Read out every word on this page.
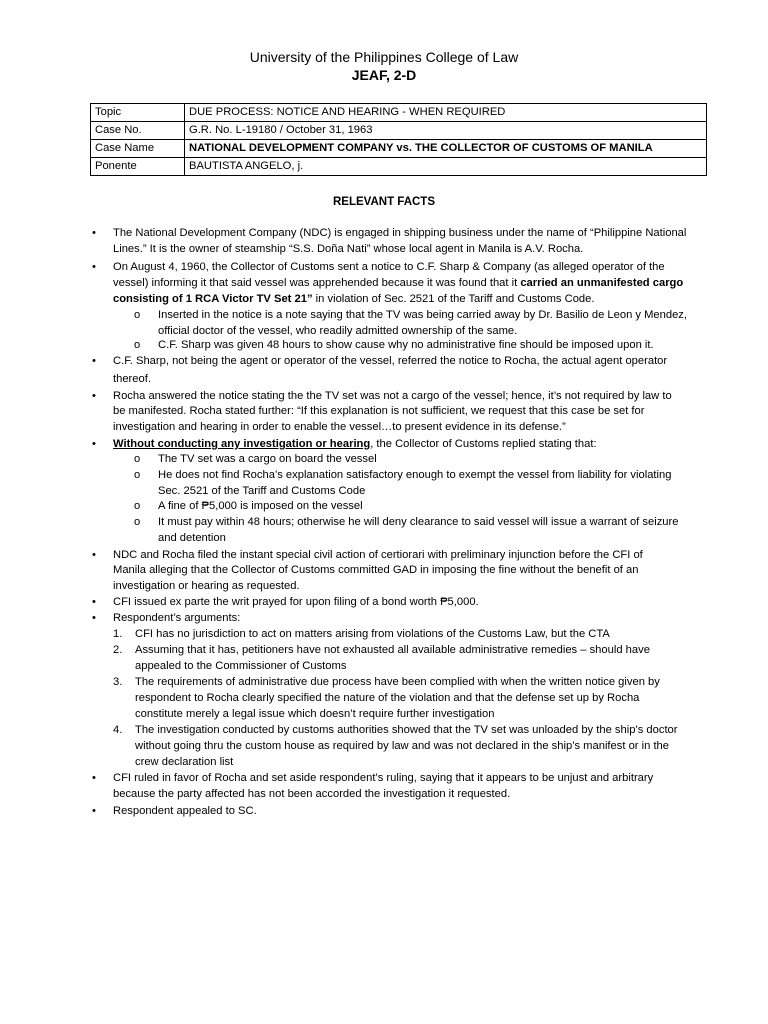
University of the Philippines College of Law
JEAF, 2-D
Topic	DUE PROCESS: NOTICE AND HEARING - WHEN REQUIRED
Case No.	G.R. No. L-19180 / October 31, 1963
Case Name	NATIONAL DEVELOPMENT COMPANY vs. THE COLLECTOR OF CUSTOMS OF MANILA
Ponente	BAUTISTA ANGELO, j.
RELEVANT FACTS
•	The National Development Company (NDC) is engaged in shipping business under the name of “Philippine National
Lines.” It is the owner of steamship “S.S. Doña Nati” whose local agent in Manila is A.V. Rocha.
•	On August 4, 1960, the Collector of Customs sent a notice to C.F. Sharp & Company (as alleged operator of the
vessel) informing it that said vessel was apprehended because it was found that it carried an unmanifested cargo
consisting of 1 RCA Victor TV Set 21” in violation of Sec. 2521 of the Tariff and Customs Code.
o	Inserted in the notice is a note saying that the TV was being carried away by Dr. Basilio de Leon y Mendez,
official doctor of the vessel, who readily admitted ownership of the same.
o	C.F. Sharp was given 48 hours to show cause why no administrative fine should be imposed upon it.
•	C.F. Sharp, not being the agent or operator of the vessel, referred the notice to Rocha, the actual agent operator
thereof.
•	Rocha answered the notice stating the the TV set was not a cargo of the vessel; hence, it’s not required by law to
be manifested. Rocha stated further: “If this explanation is not sufficient, we request that this case be set for
investigation and hearing in order to enable the vessel…to present evidence in its defense.”
•	Without conducting any investigation or hearing, the Collector of Customs replied stating that:
o	The TV set was a cargo on board the vessel
o	He does not find Rocha’s explanation satisfactory enough to exempt the vessel from liability for violating
Sec. 2521 of the Tariff and Customs Code
o	A fine of ₱5,000 is imposed on the vessel
o	It must pay within 48 hours; otherwise he will deny clearance to said vessel will issue a warrant of seizure
and detention
•	NDC and Rocha filed the instant special civil action of certiorari with preliminary injunction before the CFI of
Manila alleging that the Collector of Customs committed GAD in imposing the fine without the benefit of an
investigation or hearing as requested.
•	CFI issued ex parte the writ prayed for upon filing of a bond worth ₱5,000.
•	Respondent’s arguments:
1. CFI has no jurisdiction to act on matters arising from violations of the Customs Law, but the CTA
2. Assuming that it has, petitioners have not exhausted all available administrative remedies – should have
appealed to the Commissioner of Customs
3. The requirements of administrative due process have been complied with when the written notice given by
respondent to Rocha clearly specified the nature of the violation and that the defense set up by Rocha
constitute merely a legal issue which doesn’t require further investigation
4. The investigation conducted by customs authorities showed that the TV set was unloaded by the ship’s doctor
without going thru the custom house as required by law and was not declared in the ship’s manifest or in the
crew declaration list
•	CFI ruled in favor of Rocha and set aside respondent’s ruling, saying that it appears to be unjust and arbitrary
because the party affected has not been accorded the investigation it requested.
•	Respondent appealed to SC.
